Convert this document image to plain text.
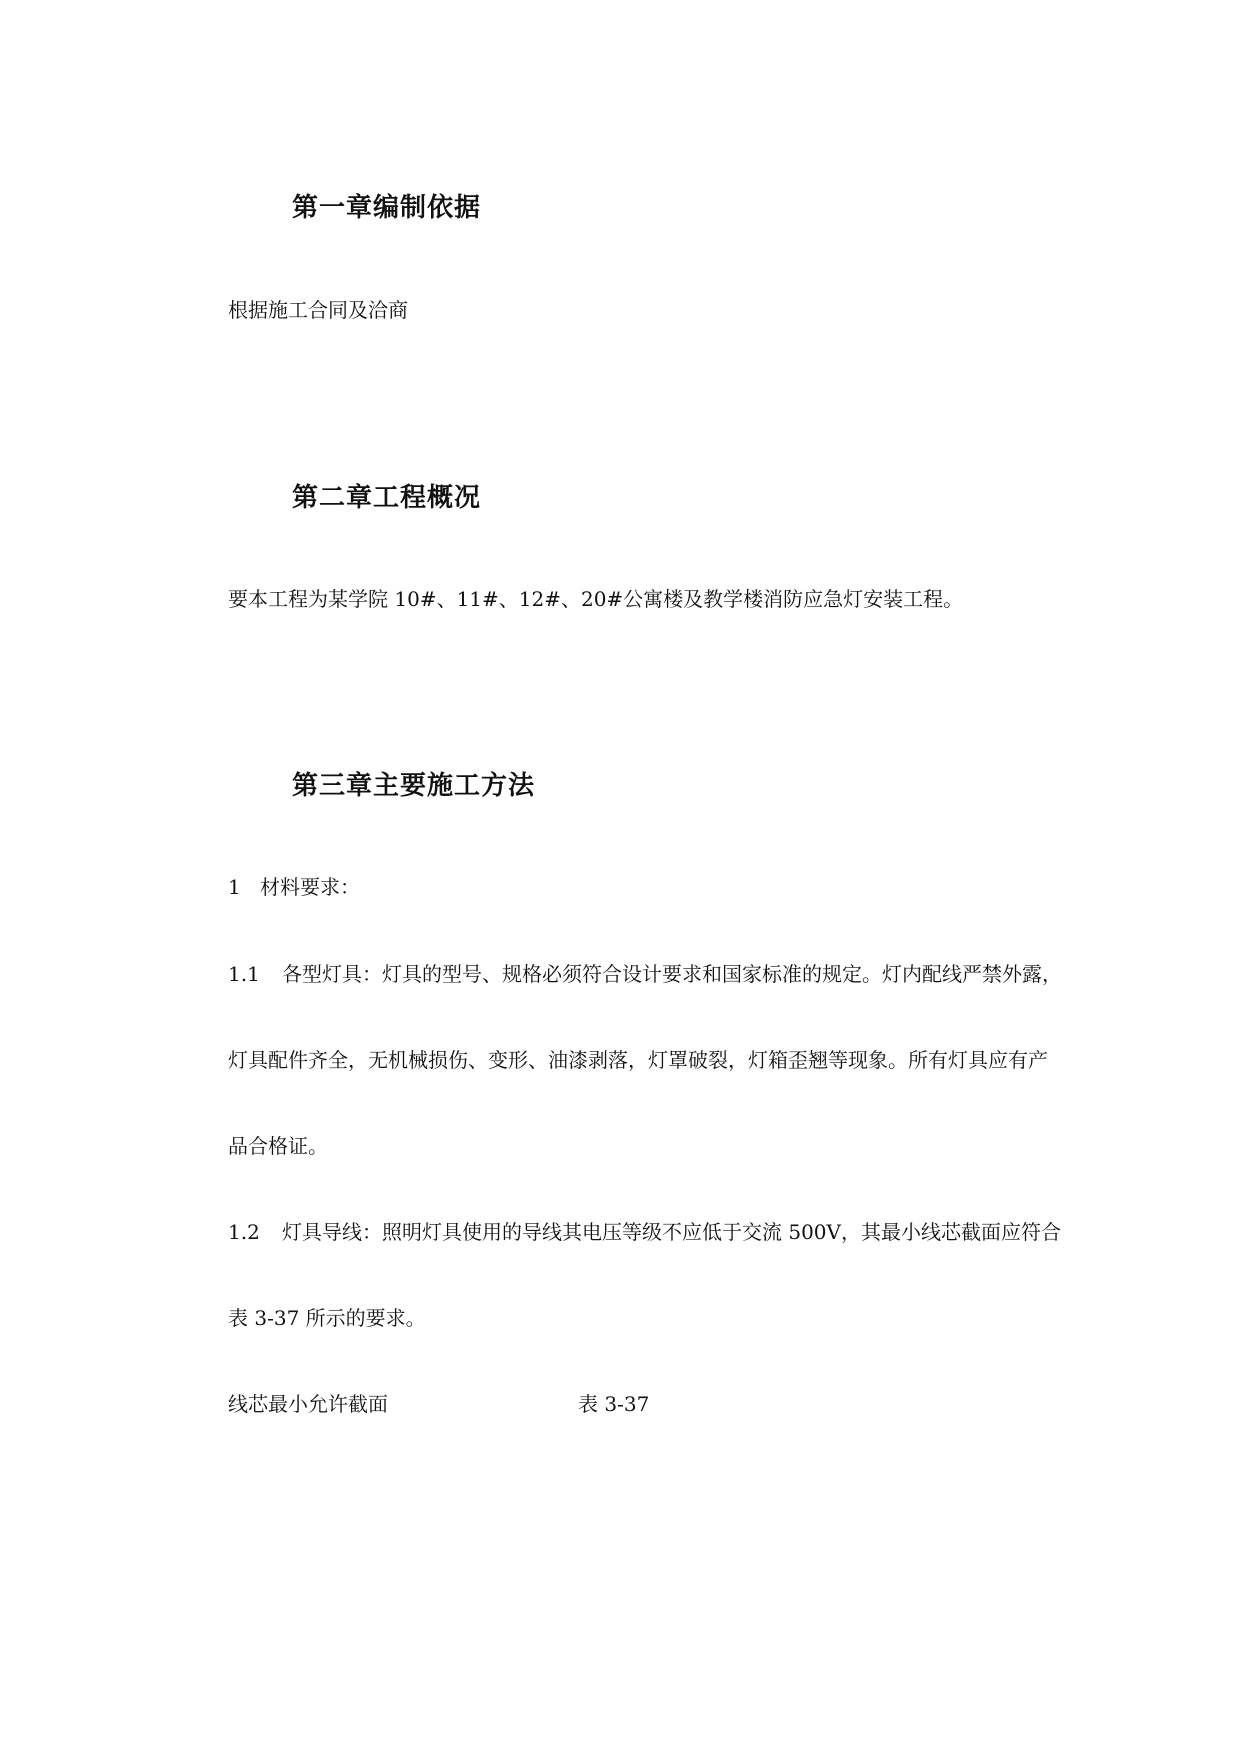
第一章编制依据

根据施工合同及洽商

第二章工程概况

要本工程为某学院 10#、11#、12#、20#公寓楼及教学楼消防应急灯安装工程。

第三章主要施工方法

1 材料要求：

1.1 各型灯具：灯具的型号、规格必须符合设计要求和国家标准的规定。灯内配线严禁外露，

灯具配件齐全，无机械损伤、变形、油漆剥落，灯罩破裂，灯箱歪翘等现象。所有灯具应有产

品合格证。

1.2 灯具导线：照明灯具使用的导线其电压等级不应低于交流 500V，其最小线芯截面应符合

表 3-37 所示的要求。

线芯最小允许截面	表 3-37
